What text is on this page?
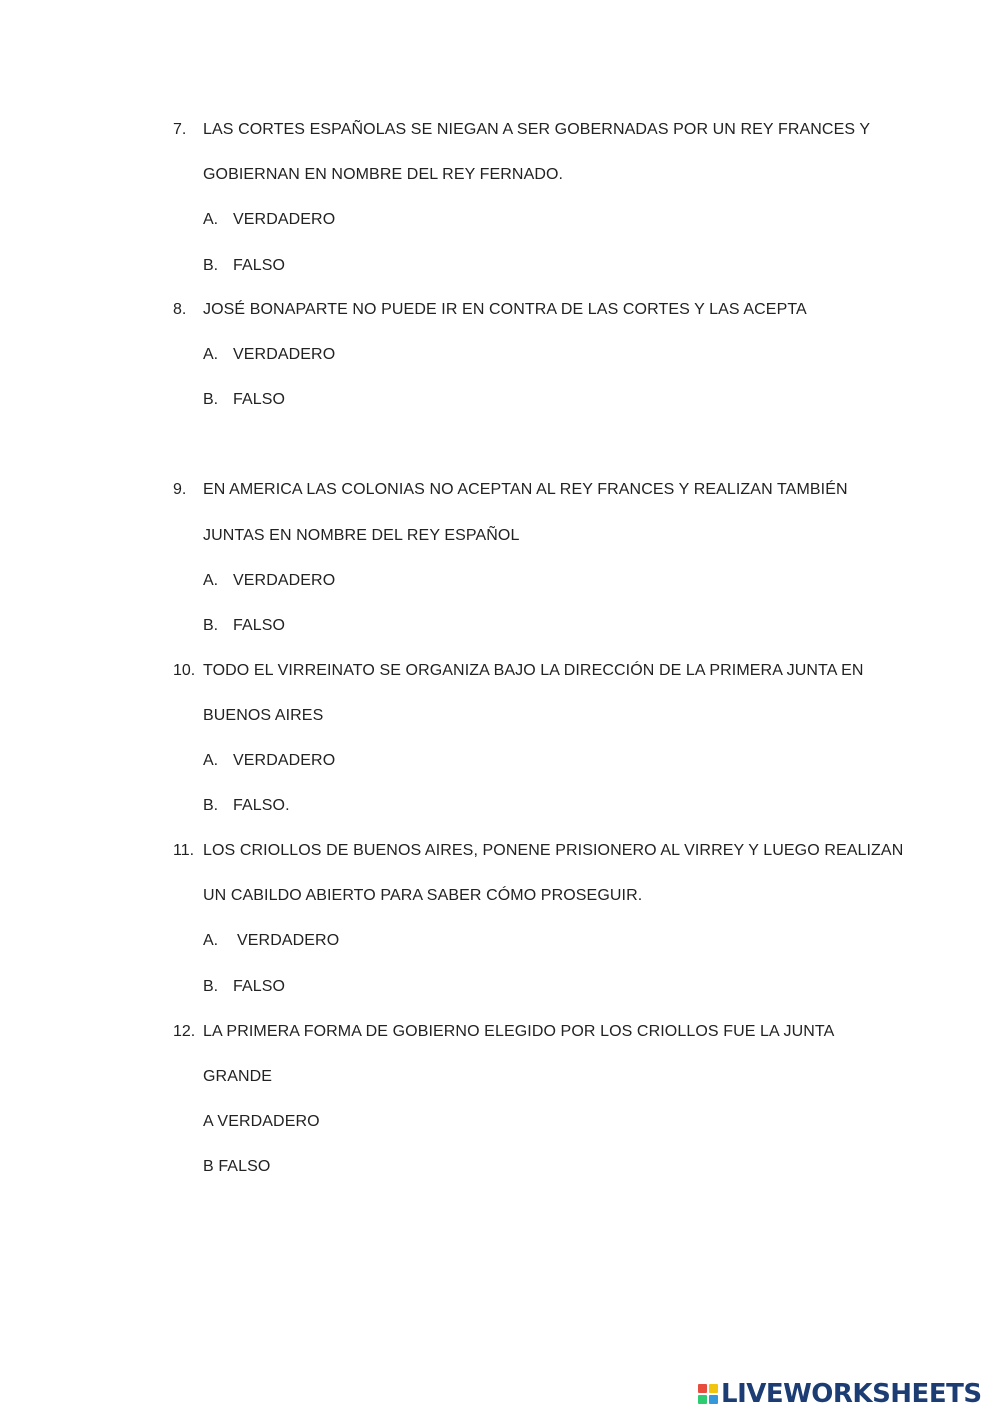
7. LAS CORTES ESPAÑOLAS SE NIEGAN A SER GOBERNADAS POR UN REY FRANCES Y
GOBIERNAN EN NOMBRE DEL REY FERNADO.
A. VERDADERO
B. FALSO
8. JOSÉ BONAPARTE NO PUEDE IR EN CONTRA DE LAS CORTES Y LAS ACEPTA
A. VERDADERO
B. FALSO
9. EN AMERICA LAS COLONIAS NO ACEPTAN AL REY FRANCES Y REALIZAN TAMBIÉN
JUNTAS EN NOMBRE DEL REY ESPAÑOL
A. VERDADERO
B. FALSO
10. TODO EL VIRREINATO SE ORGANIZA BAJO LA DIRECCIÓN DE LA PRIMERA JUNTA EN
BUENOS AIRES
A. VERDADERO
B. FALSO.
11. LOS CRIOLLOS DE BUENOS AIRES, PONENE PRISIONERO AL VIRREY Y LUEGO REALIZAN
UN CABILDO ABIERTO PARA SABER CÓMO PROSEGUIR.
A. VERDADERO
B. FALSO
12. LA PRIMERA FORMA DE GOBIERNO ELEGIDO POR LOS CRIOLLOS FUE LA JUNTA
GRANDE
A VERDADERO
B FALSO
LIVEWORKSHEETS
